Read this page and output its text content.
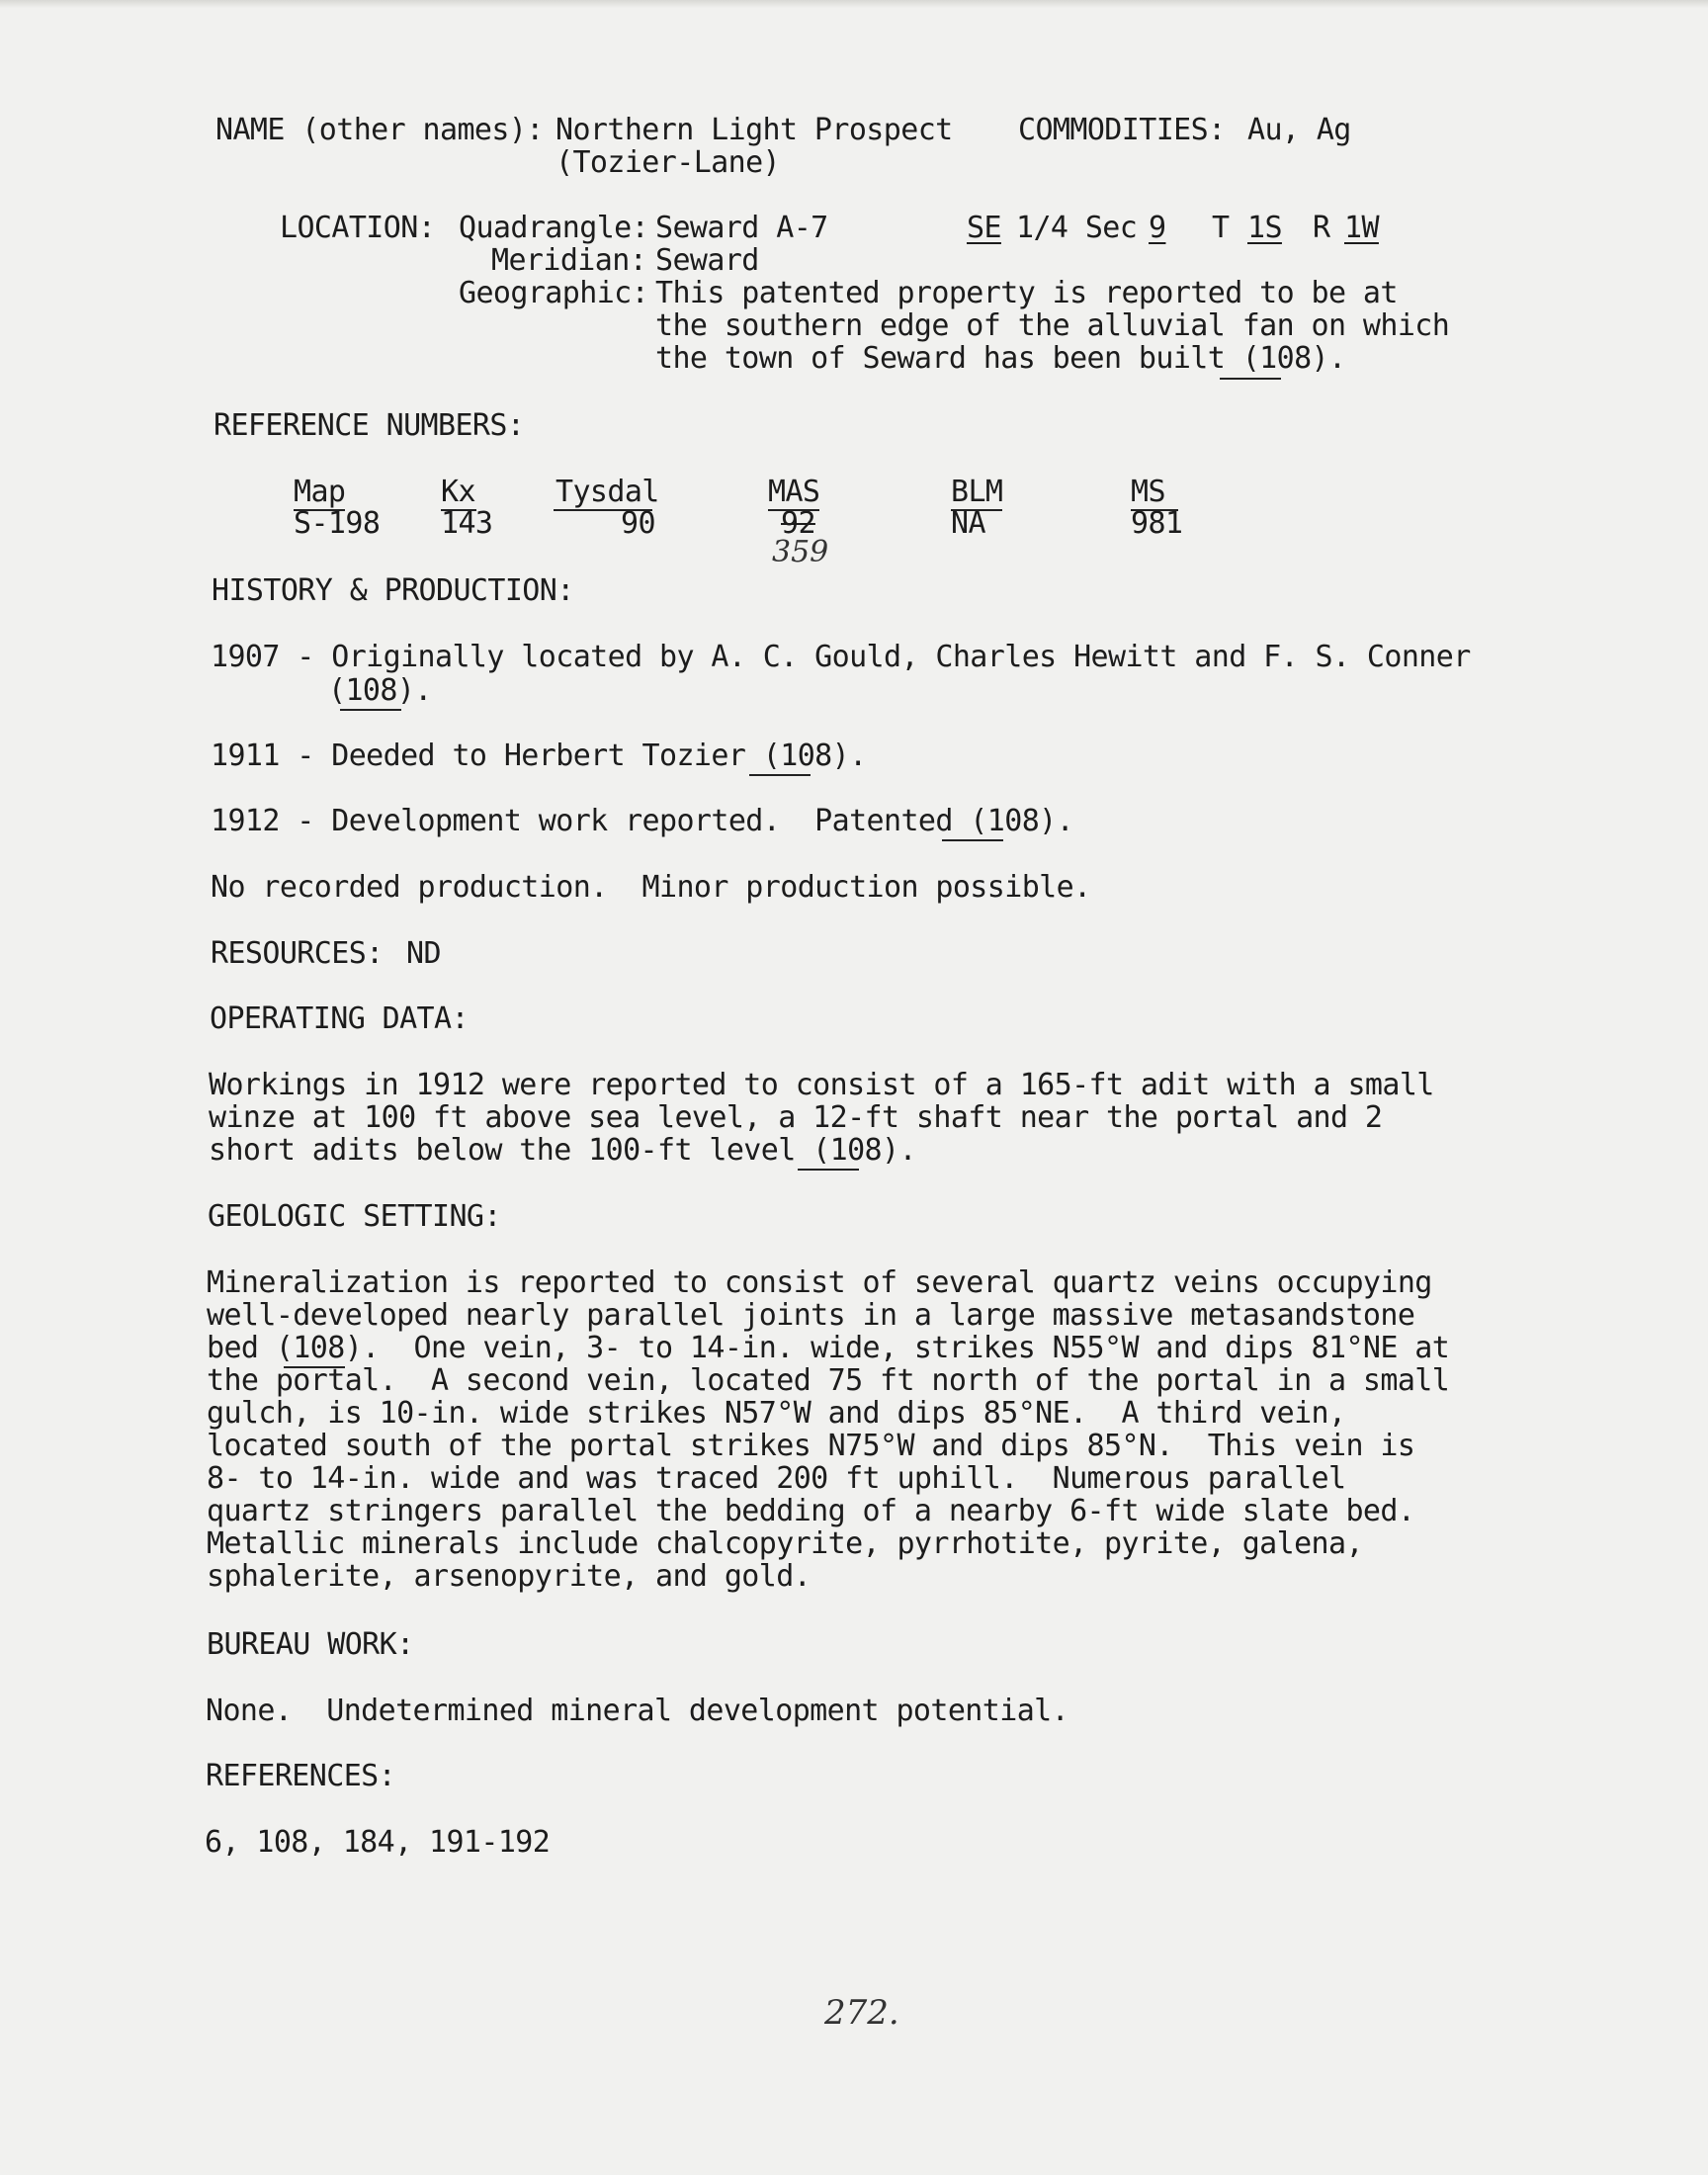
NAME (other names): Northern Light Prospect
(Tozier-Lane)
COMMODITIES: Au, Ag
LOCATION: Quadrangle: Seward A-7	SE 1/4 Sec 9 T 1S R 1W
Meridian: Seward
Geographic: This patented property is reported to be at
the southern edge of the alluvial fan on which
the town of Seward has been built (108).
REFERENCE NUMBERS:
Map
S-198
Kx
143
Tysdal
90
MAS
92
359
BLM
NA
MS
981
HISTORY & PRODUCTION:
1907 - Originally located by A. C. Gould, Charles Hewitt and F. S. Conner
(108).
1911 - Deeded to Herbert Tozier (108).
1912 - Development work reported.  Patented (108).
No recorded production.  Minor production possible.
RESOURCES: ND
OPERATING DATA:
Workings in 1912 were reported to consist of a 165-ft adit with a small
winze at 100 ft above sea level, a 12-ft shaft near the portal and 2
short adits below the 100-ft level (108).
GEOLOGIC SETTING:
Mineralization is reported to consist of several quartz veins occupying
well-developed nearly parallel joints in a large massive metasandstone
bed (108).  One vein, 3- to 14-in. wide, strikes N55°W and dips 81°NE at
the portal.  A second vein, located 75 ft north of the portal in a small
gulch, is 10-in. wide strikes N57°W and dips 85°NE.  A third vein,
located south of the portal strikes N75°W and dips 85°N.  This vein is
8- to 14-in. wide and was traced 200 ft uphill.  Numerous parallel
quartz stringers parallel the bedding of a nearby 6-ft wide slate bed.
Metallic minerals include chalcopyrite, pyrrhotite, pyrite, galena,
sphalerite, arsenopyrite, and gold.
BUREAU WORK:
None.  Undetermined mineral development potential.
REFERENCES:
6, 108, 184, 191-192
272.
